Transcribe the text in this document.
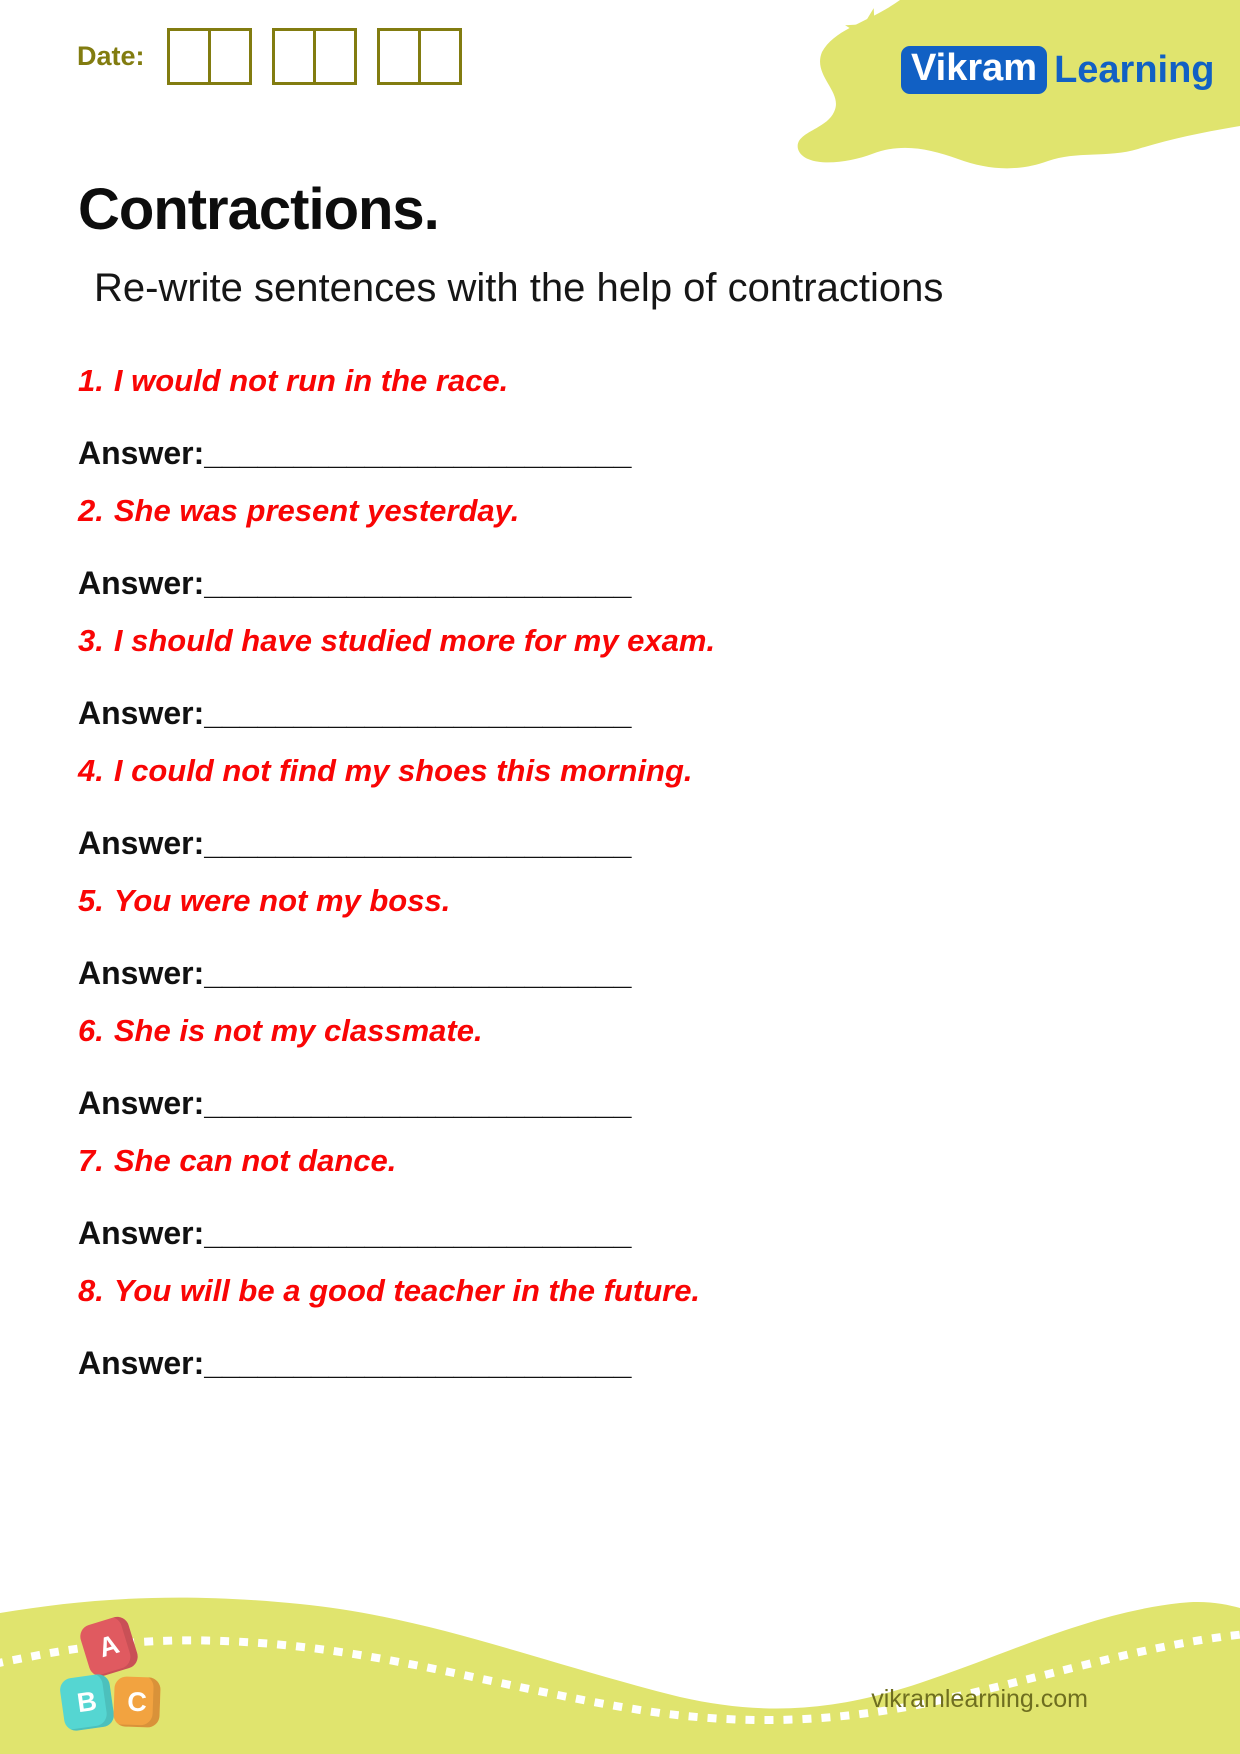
Date:	Vikram Learning
Contractions.
Re-write sentences with the help of contractions

1. I would not run in the race.

Answer:________________________

2. She was present yesterday.

Answer:________________________

3. I should have studied more for my exam.

Answer:________________________

4. I could not find my shoes this morning.

Answer:________________________

5. You were not my boss.

Answer:________________________

6. She is not my classmate.

Answer:________________________

7. She can not dance.

Answer:________________________

8. You will be a good teacher in the future.

Answer:________________________

A
B C	vikramlearning.com
